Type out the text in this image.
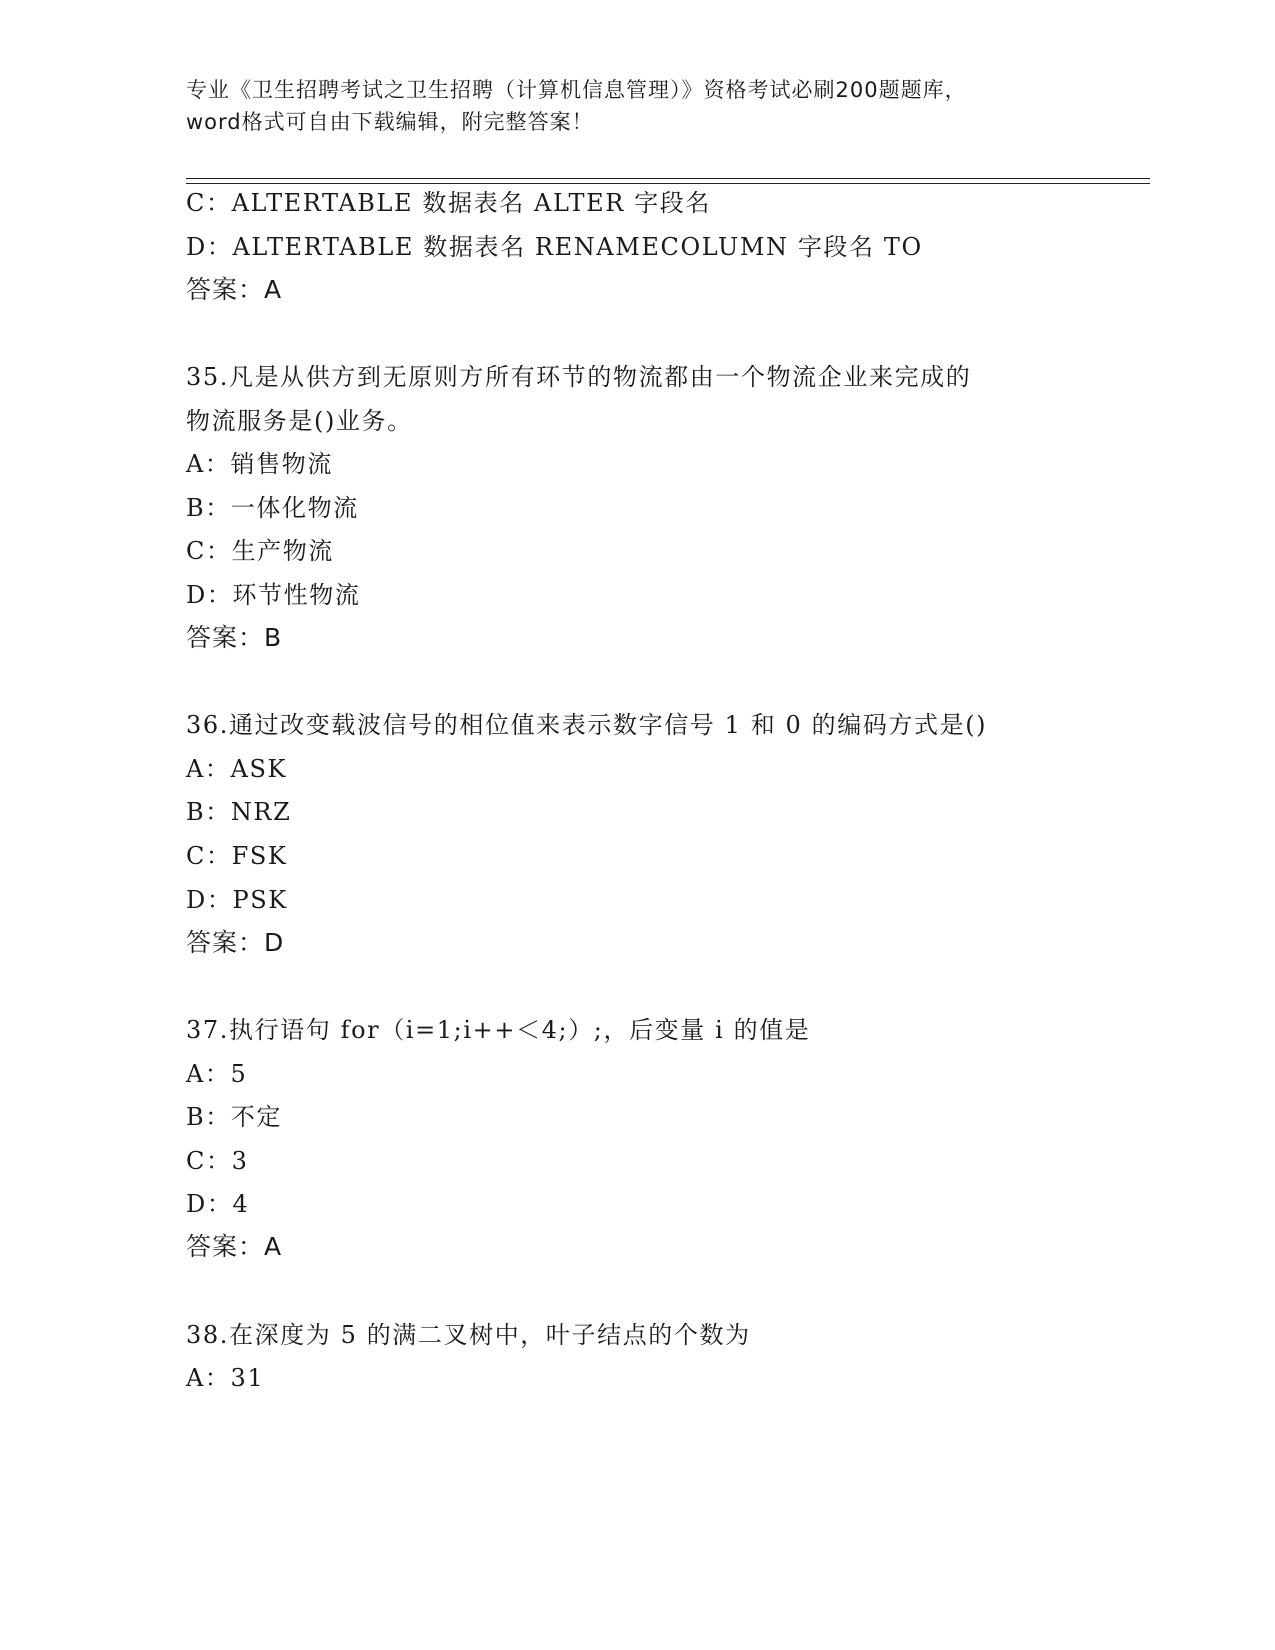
专业《卫生招聘考试之卫生招聘（计算机信息管理）》资格考试必刷200题题库，
word格式可自由下载编辑，附完整答案！
C：ALTERTABLE 数据表名 ALTER 字段名
D：ALTERTABLE 数据表名 RENAMECOLUMN 字段名 TO
答案：A
35.凡是从供方到无原则方所有环节的物流都由一个物流企业来完成的
物流服务是()业务。
A：销售物流
B：一体化物流
C：生产物流
D：环节性物流
答案：B
36.通过改变载波信号的相位值来表示数字信号 1 和 0 的编码方式是()
A：ASK
B：NRZ
C：FSK
D：PSK
答案：D
37.执行语句 for（i=1;i++＜4;）;，后变量 i 的值是
A：5
B：不定
C：3
D：4
答案：A
38.在深度为 5 的满二叉树中，叶子结点的个数为
A：31
